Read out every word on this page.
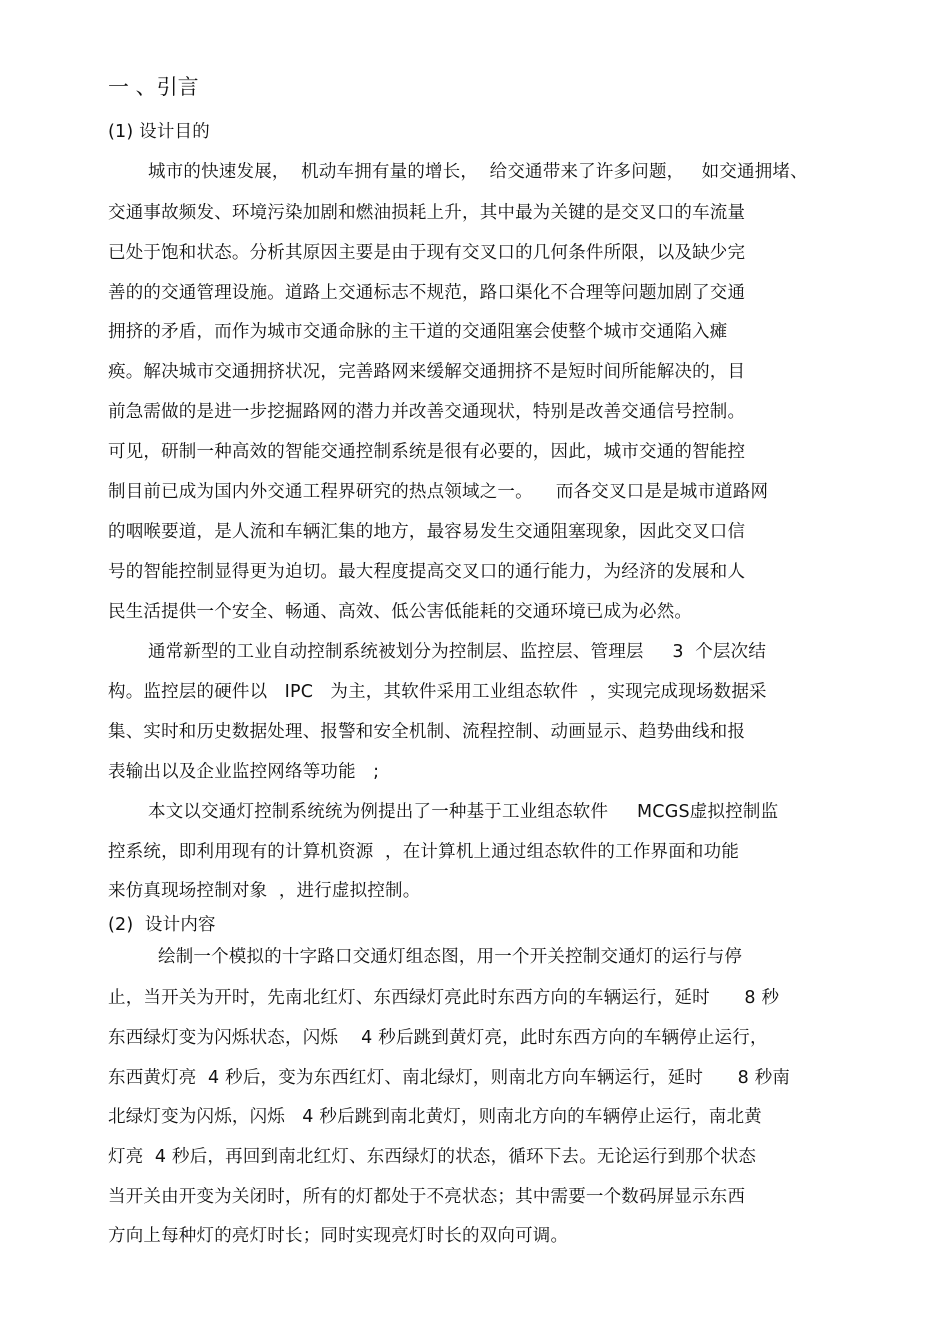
一 、引言
(1) 设计目的
城市的快速发展，  机动车拥有量的增长，  给交通带来了许多问题，   如交通拥堵、
交通事故频发、环境污染加剧和燃油损耗上升，其中最为关键的是交叉口的车流量
已处于饱和状态。分析其原因主要是由于现有交叉口的几何条件所限，以及缺少完
善的的交通管理设施。道路上交通标志不规范，路口渠化不合理等问题加剧了交通
拥挤的矛盾，而作为城市交通命脉的主干道的交通阻塞会使整个城市交通陷入瘫
痪。解决城市交通拥挤状况，完善路网来缓解交通拥挤不是短时间所能解决的，目
前急需做的是进一步挖掘路网的潜力并改善交通现状，特别是改善交通信号控制。
可见，研制一种高效的智能交通控制系统是很有必要的，因此，城市交通的智能控
制目前已成为国内外交通工程界研究的热点领域之一。    而各交叉口是是城市道路网
的咽喉要道，是人流和车辆汇集的地方，最容易发生交通阻塞现象，因此交叉口信
号的智能控制显得更为迫切。最大程度提高交叉口的通行能力，为经济的发展和人
民生活提供一个安全、畅通、高效、低公害低能耗的交通环境已成为必然。
通常新型的工业自动控制系统被划分为控制层、监控层、管理层     3  个层次结
构。监控层的硬件以   IPC   为主，其软件采用工业组态软件  ，实现完成现场数据采
集、实时和历史数据处理、报警和安全机制、流程控制、动画显示、趋势曲线和报
表输出以及企业监控网络等功能   ;
本文以交通灯控制系统统为例提出了一种基于工业组态软件     MCGS虚拟控制监
控系统，即利用现有的计算机资源  ，在计算机上通过组态软件的工作界面和功能
来仿真现场控制对象  ，进行虚拟控制。
(2)  设计内容
绘制一个模拟的十字路口交通灯组态图，用一个开关控制交通灯的运行与停
止，当开关为开时，先南北红灯、东西绿灯亮此时东西方向的车辆运行，延时      8 秒
东西绿灯变为闪烁状态，闪烁    4 秒后跳到黄灯亮，此时东西方向的车辆停止运行，
东西黄灯亮  4 秒后，变为东西红灯、南北绿灯，则南北方向车辆运行，延时      8 秒南
北绿灯变为闪烁，闪烁   4 秒后跳到南北黄灯，则南北方向的车辆停止运行，南北黄
灯亮  4 秒后，再回到南北红灯、东西绿灯的状态，循环下去。无论运行到那个状态
当开关由开变为关闭时，所有的灯都处于不亮状态；其中需要一个数码屏显示东西
方向上每种灯的亮灯时长；同时实现亮灯时长的双向可调。
